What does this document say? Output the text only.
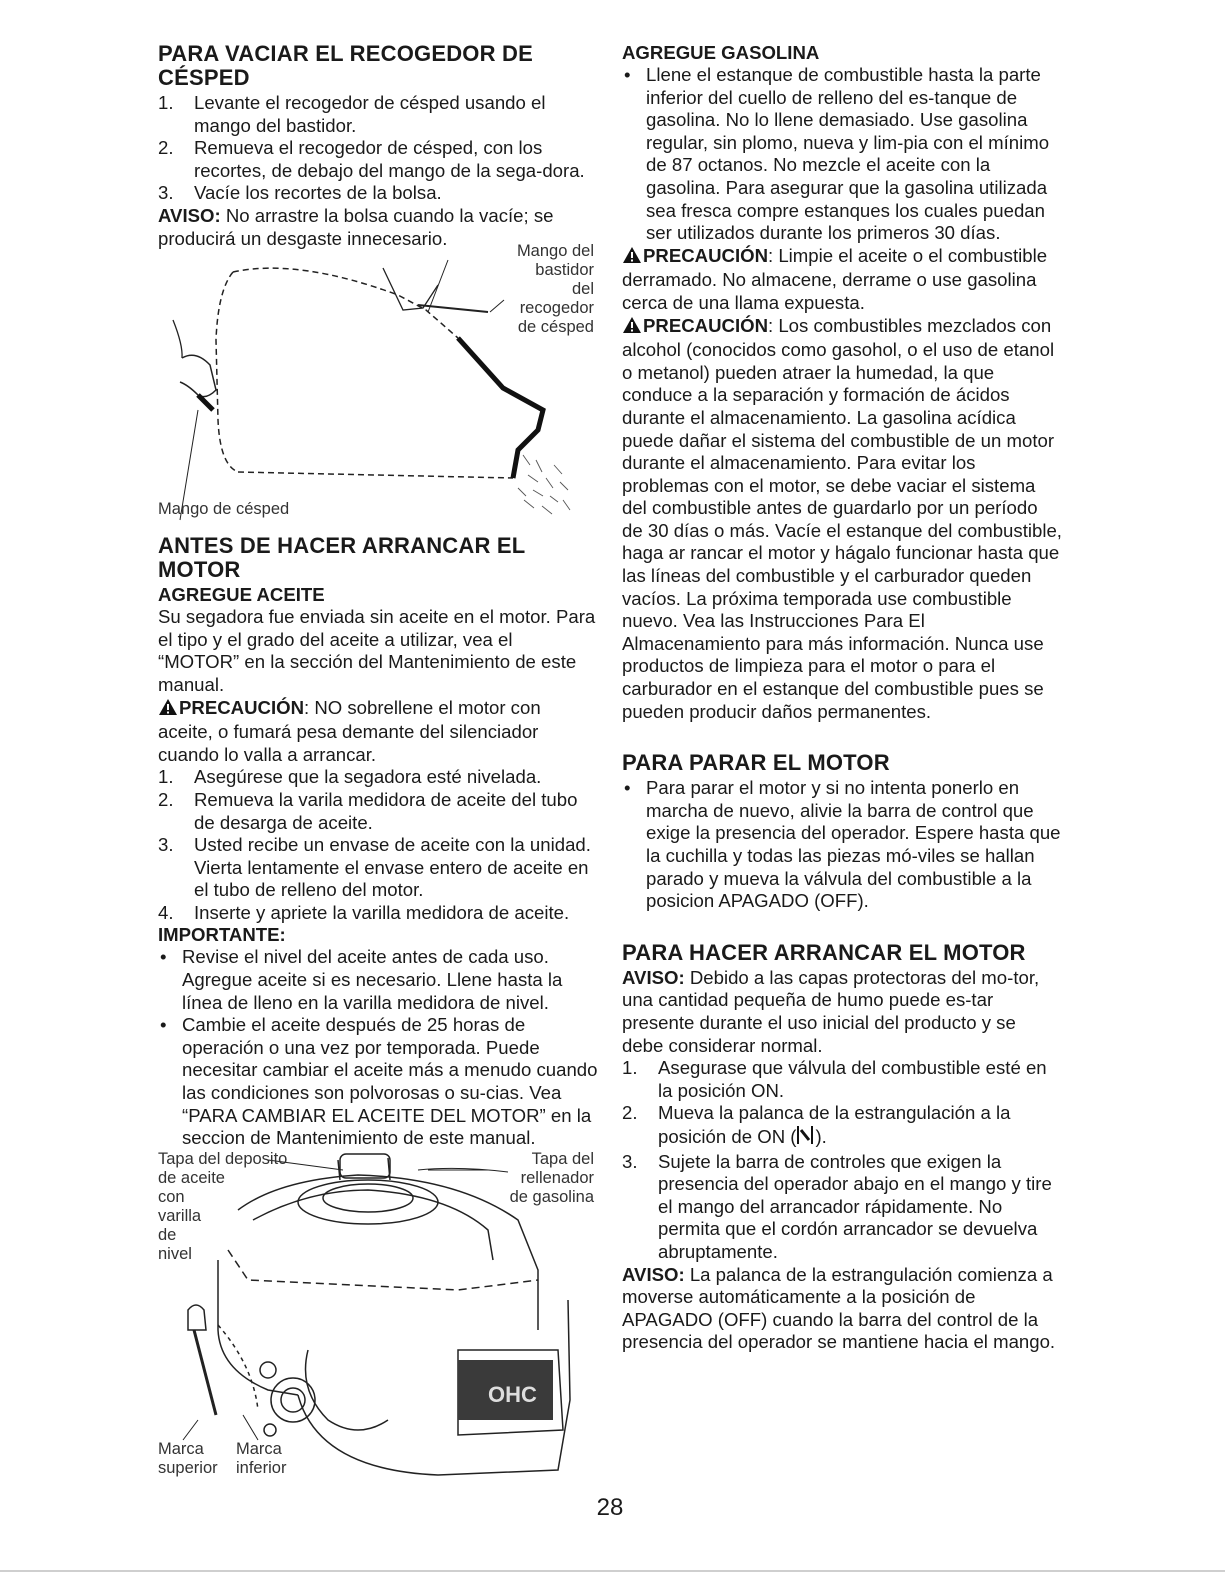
PARA VACIAR EL RECOGEDOR DE CÉSPED
1. Levante el recogedor de césped usando el mango del bastidor.
2. Remueva el recogedor de césped, con los recortes, de debajo del mango de la sega-dora.
3. Vacíe los recortes de la bolsa.

AVISO: No arrastre la bolsa cuando la vacíe; se producirá un desgaste innecesario.

Mango del
bastidor
del
recogedor
de césped
Mango de césped
ANTES DE HACER ARRANCAR EL MOTOR
AGREGUE ACEITE

Su segadora fue enviada sin aceite en el motor. Para el tipo y el grado del aceite a utilizar, vea el “MOTOR” en la sección del Mantenimiento de este manual.

PRECAUCIÓN: NO sobrellene el motor con aceite, o fumará pesa demante del silenciador cuando lo valla a arrancar.

1. Asegúrese que la segadora esté nivelada.
2. Remueva la varila medidora de aceite del tubo de desarga de aceite.
3. Usted recibe un envase de aceite con la unidad. Vierta lentamente el envase entero de aceite en el tubo de relleno del motor.
4. Inserte y apriete la varilla medidora de aceite.
IMPORTANTE:
• Revise el nivel del aceite antes de cada uso. Agregue aceite si es necesario. Llene hasta la línea de lleno en la varilla medidora de nivel.
• Cambie el aceite después de 25 horas de operación o una vez por temporada. Puede necesitar cambiar el aceite más a menudo cuando las condiciones son polvorosas o su-cias. Vea “PARA CAMBIAR EL ACEITE DEL MOTOR” en la seccion de Mantenimiento de este manual.
OHC
Tapa del deposito
de aceite
con
varilla
de
nivel
Tapa del
rellenador
de gasolina
Marca
superior
Marca
inferior
AGREGUE GASOLINA
• Llene el estanque de combustible hasta la parte inferior del cuello de relleno del es-tanque de gasolina. No lo llene demasiado. Use gasolina regular, sin plomo, nueva y lim-pia con el mínimo de 87 octanos. No mezcle el aceite con la gasolina. Para asegurar que la gasolina utilizada sea fresca compre estanques los cuales puedan ser utilizados durante los primeros 30 días.

PRECAUCIÓN: Limpie el aceite o el combustible derramado. No almacene, derrame o use gasolina cerca de una llama expuesta.

PRECAUCIÓN: Los combustibles mezclados con alcohol (conocidos como gasohol, o el uso de etanol o metanol) pueden atraer la humedad, la que conduce a la separación y formación de ácidos durante el almacenamiento. La gasolina acídica puede dañar el sistema del combustible de un motor durante el almacenamiento. Para evitar los problemas con el motor, se debe vaciar el sistema del combustible antes de guardarlo por un período de 30 días o más. Vacíe el estanque del combustible, haga ar rancar el motor y hágalo funcionar hasta que las líneas del combustible y el carburador queden vacíos. La próxima temporada use combustible nuevo. Vea las Instrucciones Para El Almacenamiento para más información. Nunca use productos de limpieza para el motor o para el carburador en el estanque del combustible pues se pueden producir daños permanentes.

PARA PARAR EL MOTOR
• Para parar el motor y si no intenta ponerlo en marcha de nuevo, alivie la barra de control que exige la presencia del operador. Espere hasta que la cuchilla y todas las piezas mó-viles se hallan parado y mueva la válvula del combustible a la posicion APAGADO (OFF).
PARA HACER ARRANCAR EL MOTOR

AVISO: Debido a las capas protectoras del mo-tor, una cantidad pequeña de humo puede es-tar presente durante el uso inicial del producto y se debe considerar normal.

1. Asegurase que válvula del combustible esté en la posición ON.
2. Mueva la palanca de la estrangulación a la posición de ON ( ).
3. Sujete la barra de controles que exigen la presencia del operador abajo en el mango y tire el mango del arrancador rápidamente. No permita que el cordón arrancador se devuelva abruptamente.

AVISO: La palanca de la estrangulación comienza a moverse automáticamente a la posición de APAGADO (OFF) cuando la barra del control de la presencia del operador se mantiene hacia el mango.

28
